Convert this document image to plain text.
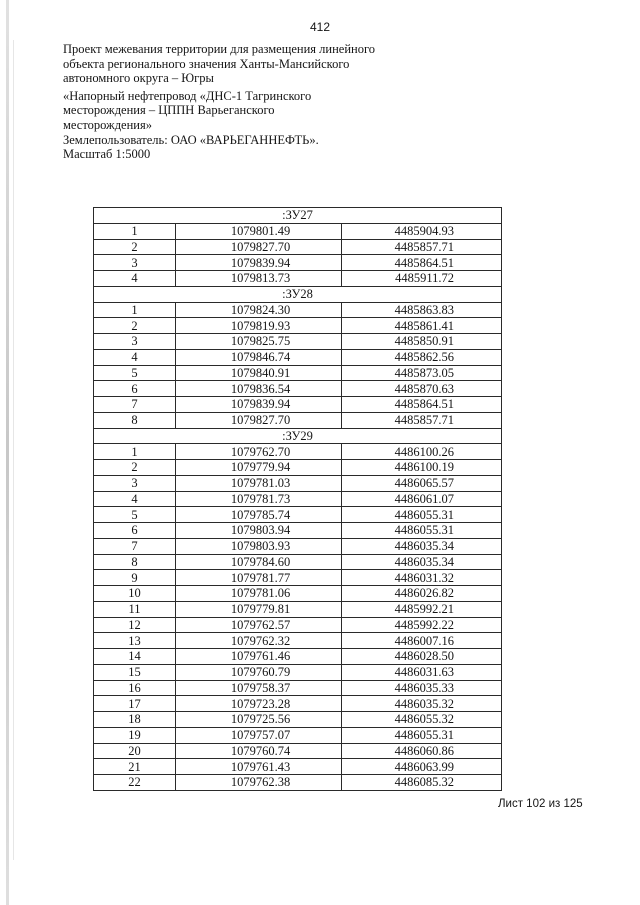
412

Проект межевания территории для размещения линейного

объекта регионального значения Ханты-Мансийского

автономного округа – Югры

«Напорный нефтепровод «ДНС-1 Тагринского

месторождения – ЦППН Варьеганского

месторождения»

Землепользователь: ОАО «ВАРЬЕГАННЕФТЬ».

Масштаб 1:5000

:ЗУ27		
1	1079801.49	4485904.93
2	1079827.70	4485857.71
3	1079839.94	4485864.51
4	1079813.73	4485911.72
:ЗУ28		
1	1079824.30	4485863.83
2	1079819.93	4485861.41
3	1079825.75	4485850.91
4	1079846.74	4485862.56
5	1079840.91	4485873.05
6	1079836.54	4485870.63
7	1079839.94	4485864.51
8	1079827.70	4485857.71
:ЗУ29		
1	1079762.70	4486100.26
2	1079779.94	4486100.19
3	1079781.03	4486065.57
4	1079781.73	4486061.07
5	1079785.74	4486055.31
6	1079803.94	4486055.31
7	1079803.93	4486035.34
8	1079784.60	4486035.34
9	1079781.77	4486031.32
10	1079781.06	4486026.82
11	1079779.81	4485992.21
12	1079762.57	4485992.22
13	1079762.32	4486007.16
14	1079761.46	4486028.50
15	1079760.79	4486031.63
16	1079758.37	4486035.33
17	1079723.28	4486035.32
18	1079725.56	4486055.32
19	1079757.07	4486055.31
20	1079760.74	4486060.86
21	1079761.43	4486063.99
22	1079762.38	4486085.32
Лист 102 из 125
